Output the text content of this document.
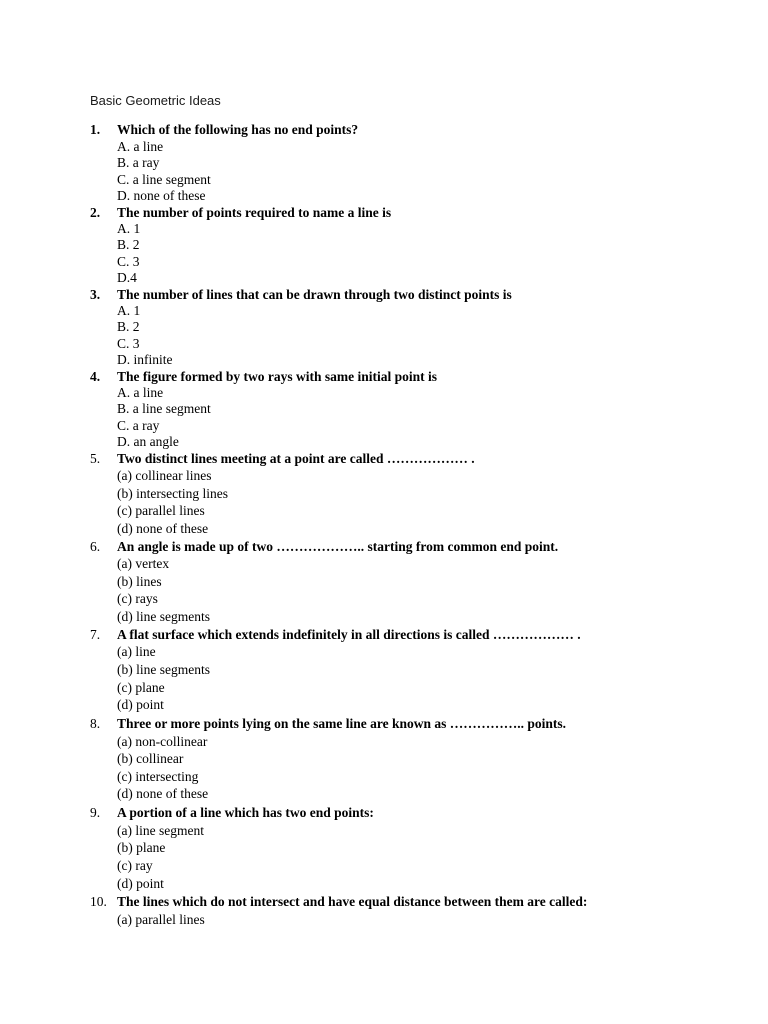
Basic Geometric Ideas
1.	Which of the following has no end points?
A. a line
B. a ray
C. a line segment
D. none of these
2.	The number of points required to name a line is
A. 1
B. 2
C. 3
D.4
3.	The number of lines that can be drawn through two distinct points is
A. 1
B. 2
C. 3
D. infinite
4.	The figure formed by two rays with same initial point is
A. a line
B. a line segment
C. a ray
D. an angle
5.	Two distinct lines meeting at a point are called ……………… .
(a) collinear lines
(b) intersecting lines
(c) parallel lines
(d) none of these
6.	An angle is made up of two ……………….. starting from common end point.
(a) vertex
(b) lines
(c) rays
(d) line segments
7.	A flat surface which extends indefinitely in all directions is called ……………… .
(a) line
(b) line segments
(c) plane
(d) point
8.	Three or more points lying on the same line are known as …………….. points.
(a) non-collinear
(b) collinear
(c) intersecting
(d) none of these
9.	A portion of a line which has two end points:
(a) line segment
(b) plane
(c) ray
(d) point
10. The lines which do not intersect and have equal distance between them are called:
(a) parallel lines
